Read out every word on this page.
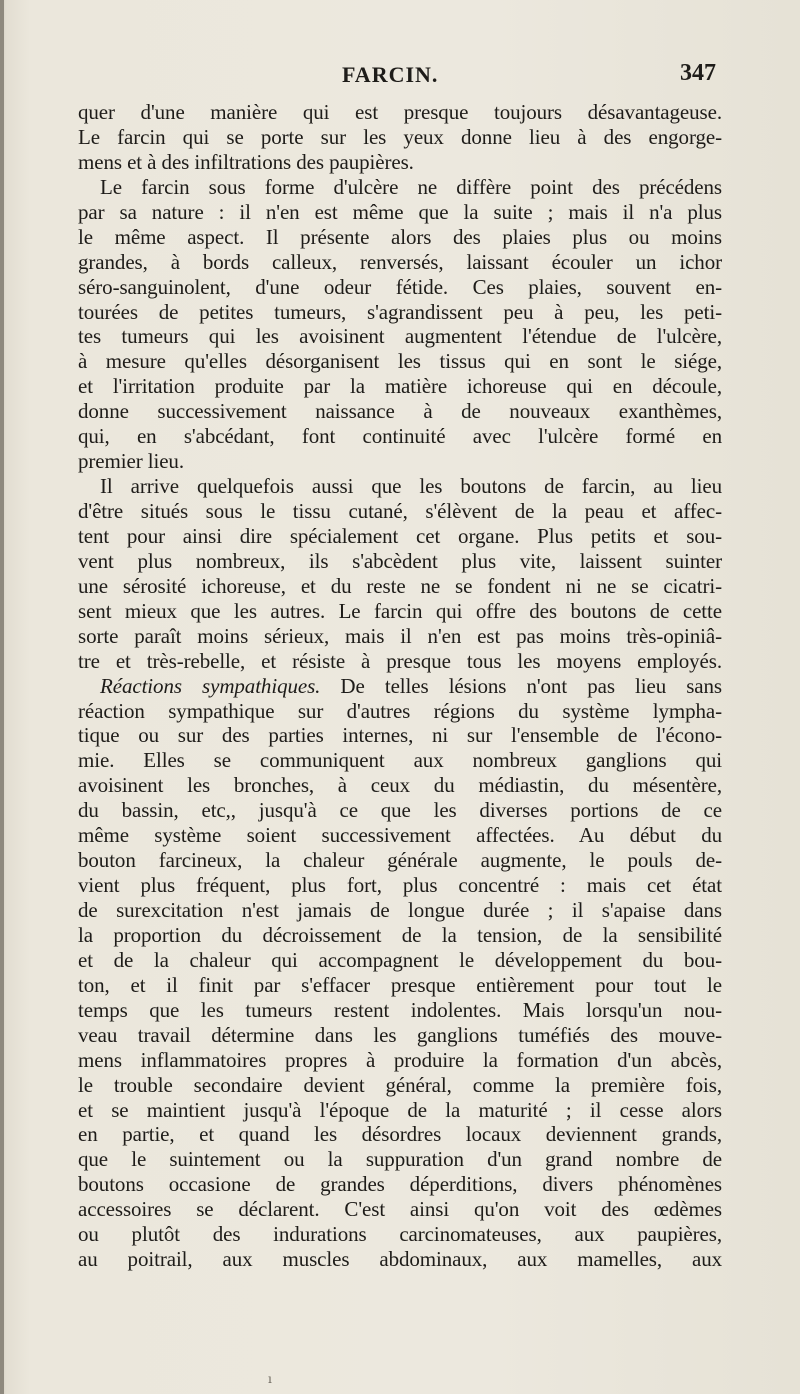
FARCIN.	347
quer d'une manière qui est presque toujours désavantageuse.
Le farcin qui se porte sur les yeux donne lieu à des engorge-
mens et à des infiltrations des paupières.
Le farcin sous forme d'ulcère ne diffère point des précédens
par sa nature : il n'en est même que la suite ; mais il n'a plus
le même aspect. Il présente alors des plaies plus ou moins
grandes, à bords calleux, renversés, laissant écouler un ichor
séro-sanguinolent, d'une odeur fétide. Ces plaies, souvent en-
tourées de petites tumeurs, s'agrandissent peu à peu, les peti-
tes tumeurs qui les avoisinent augmentent l'étendue de l'ulcère,
à mesure qu'elles désorganisent les tissus qui en sont le siége,
et l'irritation produite par la matière ichoreuse qui en découle,
donne successivement naissance à de nouveaux exanthèmes,
qui, en s'abcédant, font continuité avec l'ulcère formé en
premier lieu.
Il arrive quelquefois aussi que les boutons de farcin, au lieu
d'être situés sous le tissu cutané, s'élèvent de la peau et affec-
tent pour ainsi dire spécialement cet organe. Plus petits et sou-
vent plus nombreux, ils s'abcèdent plus vite, laissent suinter
une sérosité ichoreuse, et du reste ne se fondent ni ne se cicatri-
sent mieux que les autres. Le farcin qui offre des boutons de cette
sorte paraît moins sérieux, mais il n'en est pas moins très-opiniâ-
tre et très-rebelle, et résiste à presque tous les moyens employés.
Réactions sympathiques. De telles lésions n'ont pas lieu sans
réaction sympathique sur d'autres régions du système lympha-
tique ou sur des parties internes, ni sur l'ensemble de l'écono-
mie. Elles se communiquent aux nombreux ganglions qui
avoisinent les bronches, à ceux du médiastin, du mésentère,
du bassin, etc,, jusqu'à ce que les diverses portions de ce
même système soient successivement affectées. Au début du
bouton farcineux, la chaleur générale augmente, le pouls de-
vient plus fréquent, plus fort, plus concentré : mais cet état
de surexcitation n'est jamais de longue durée ; il s'apaise dans
la proportion du décroissement de la tension, de la sensibilité
et de la chaleur qui accompagnent le développement du bou-
ton, et il finit par s'effacer presque entièrement pour tout le
temps que les tumeurs restent indolentes. Mais lorsqu'un nou-
veau travail détermine dans les ganglions tuméfiés des mouve-
mens inflammatoires propres à produire la formation d'un abcès,
le trouble secondaire devient général, comme la première fois,
et se maintient jusqu'à l'époque de la maturité ; il cesse alors
en partie, et quand les désordres locaux deviennent grands,
que le suintement ou la suppuration d'un grand nombre de
boutons occasione de grandes déperditions, divers phénomènes
accessoires se déclarent. C'est ainsi qu'on voit des œdèmes
ou plutôt des indurations carcinomateuses, aux paupières,
au poitrail, aux muscles abdominaux, aux mamelles, aux
ı
